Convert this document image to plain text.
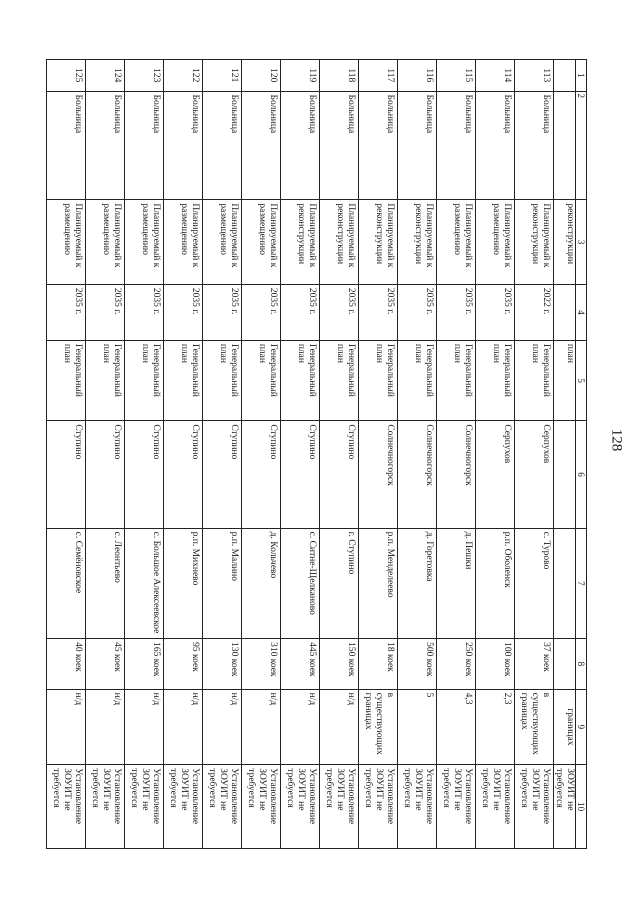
128
1	2	3	4	5	6	7	8	9	10
		реконструкции		план				границах	ЗОУИТ не требуется
113	Больница	Планируемый к реконструкции	2022 г.	Генеральный план	Серпухов	с. Турово	37 коек	в существующих границах	Установление ЗОУИТ не требуется
114	Больница	Планируемый к размещению	2035 г.	Генеральный план	Серпухов	р.п. Оболенск	100 коек	2,3	Установление ЗОУИТ не требуется
115	Больница	Планируемый к размещению	2035 г.	Генеральный план	Солнечногорск	д. Пешки	250 коек	4,3	Установление ЗОУИТ не требуется
116	Больница	Планируемый к реконструкции	2035 г.	Генеральный план	Солнечногорск	д. Горетовка	500 коек	5	Установление ЗОУИТ не требуется
117	Больница	Планируемый к реконструкции	2035 г.	Генеральный план	Солнечногорск	р.п. Менделеево	18 коек	в существующих границах	Установление ЗОУИТ не требуется
118	Больница	Планируемый к реконструкции	2035 г.	Генеральный план	Ступино	г. Ступино	150 коек	н/д	Установление ЗОУИТ не требуется
119	Больница	Планируемый к реконструкции	2035 г.	Генеральный план	Ступино	с. Ситне-Щелканово	445 коек	н/д	Установление ЗОУИТ не требуется
120	Больница	Планируемый к размещению	2035 г.	Генеральный план	Ступино	д. Кольчево	310 коек	н/д	Установление ЗОУИТ не требуется
121	Больница	Планируемый к размещению	2035 г.	Генеральный план	Ступино	р.п. Малино	130 коек	н/д	Установление ЗОУИТ не требуется
122	Больница	Планируемый к размещению	2035 г.	Генеральный план	Ступино	р.п. Михнево	95 коек	н/д	Установление ЗОУИТ не требуется
123	Больница	Планируемый к размещению	2035 г.	Генеральный план	Ступино	с. Большое Алексеевское	165 коек	н/д	Установление ЗОУИТ не требуется
124	Больница	Планируемый к размещению	2035 г.	Генеральный план	Ступино	с. Леонтьево	45 коек	н/д	Установление ЗОУИТ не требуется
125	Больница	Планируемый к размещению	2035 г.	Генеральный план	Ступино	с. Семёновское	40 коек	н/д	Установление ЗОУИТ не требуется
